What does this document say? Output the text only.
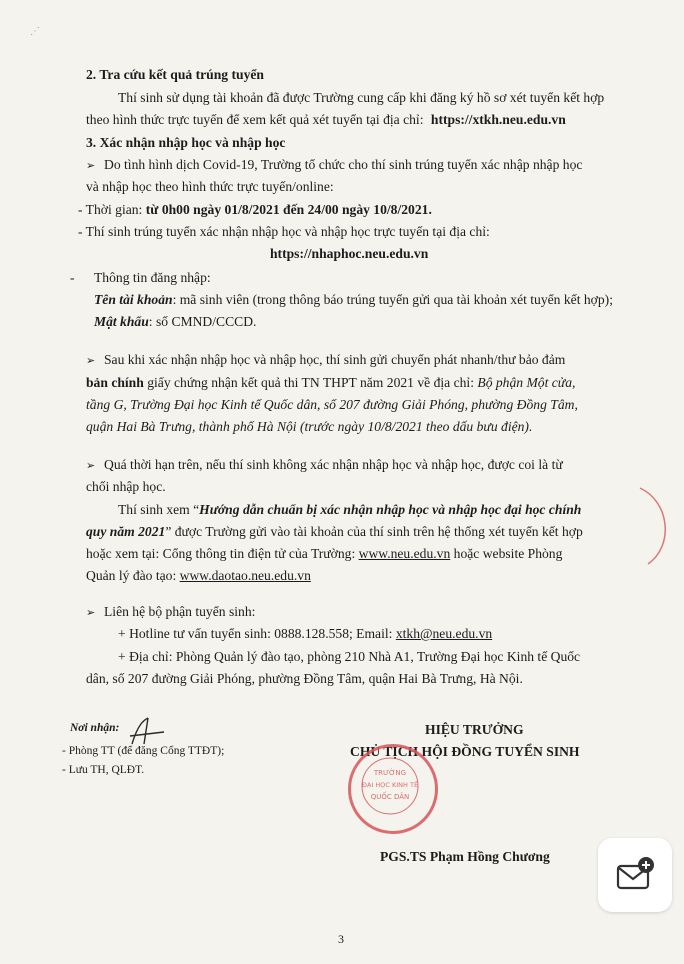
⋰
2. Tra cứu kết quả trúng tuyển
Thí sinh sử dụng tài khoản đã được Trường cung cấp khi đăng ký hồ sơ xét tuyển kết hợp
theo hình thức trực tuyến để xem kết quả xét tuyển tại địa chỉ: https://xtkh.neu.edu.vn
3. Xác nhận nhập học và nhập học
➢ Do tình hình dịch Covid-19, Trường tổ chức cho thí sinh trúng tuyển xác nhập nhập học
và nhập học theo hình thức trực tuyến/online:
- Thời gian: từ 0h00 ngày 01/8/2021 đến 24/00 ngày 10/8/2021.
- Thí sinh trúng tuyển xác nhận nhập học và nhập học trực tuyến tại địa chỉ:
https://nhaphoc.neu.edu.vn
- Thông tin đăng nhập:
Tên tài khoản: mã sinh viên (trong thông báo trúng tuyển gửi qua tài khoản xét tuyển kết hợp);
Mật khẩu: số CMND/CCCD.
➢ Sau khi xác nhận nhập học và nhập học, thí sinh gửi chuyển phát nhanh/thư bảo đảm
bản chính giấy chứng nhận kết quả thi TN THPT năm 2021 về địa chỉ: Bộ phận Một cửa,
tầng G, Trường Đại học Kinh tế Quốc dân, số 207 đường Giải Phóng, phường Đồng Tâm,
quận Hai Bà Trưng, thành phố Hà Nội (trước ngày 10/8/2021 theo dấu bưu điện).
➢ Quá thời hạn trên, nếu thí sinh không xác nhận nhập học và nhập học, được coi là từ
chối nhập học.
Thí sinh xem “Hướng dẫn chuẩn bị xác nhận nhập học và nhập học đại học chính
quy năm 2021” được Trường gửi vào tài khoản của thí sinh trên hệ thống xét tuyển kết hợp
hoặc xem tại: Cổng thông tin điện tử của Trường: www.neu.edu.vn hoặc website Phòng
Quản lý đào tạo: www.daotao.neu.edu.vn
➢ Liên hệ bộ phận tuyển sinh:
+ Hotline tư vấn tuyển sinh: 0888.128.558; Email: xtkh@neu.edu.vn
+ Địa chỉ: Phòng Quản lý đào tạo, phòng 210 Nhà A1, Trường Đại học Kinh tế Quốc
dân, số 207 đường Giải Phóng, phường Đồng Tâm, quận Hai Bà Trưng, Hà Nội.
Nơi nhận:
- Phòng TT (để đăng Cổng TTĐT);
- Lưu TH, QLĐT.
HIỆU TRƯỞNG
CHỦ TỊCH HỘI ĐỒNG TUYỂN SINH
TRƯỜNG
ĐẠI HỌC KINH TẾ
QUỐC DÂN
PGS.TS Phạm Hồng Chương
3
